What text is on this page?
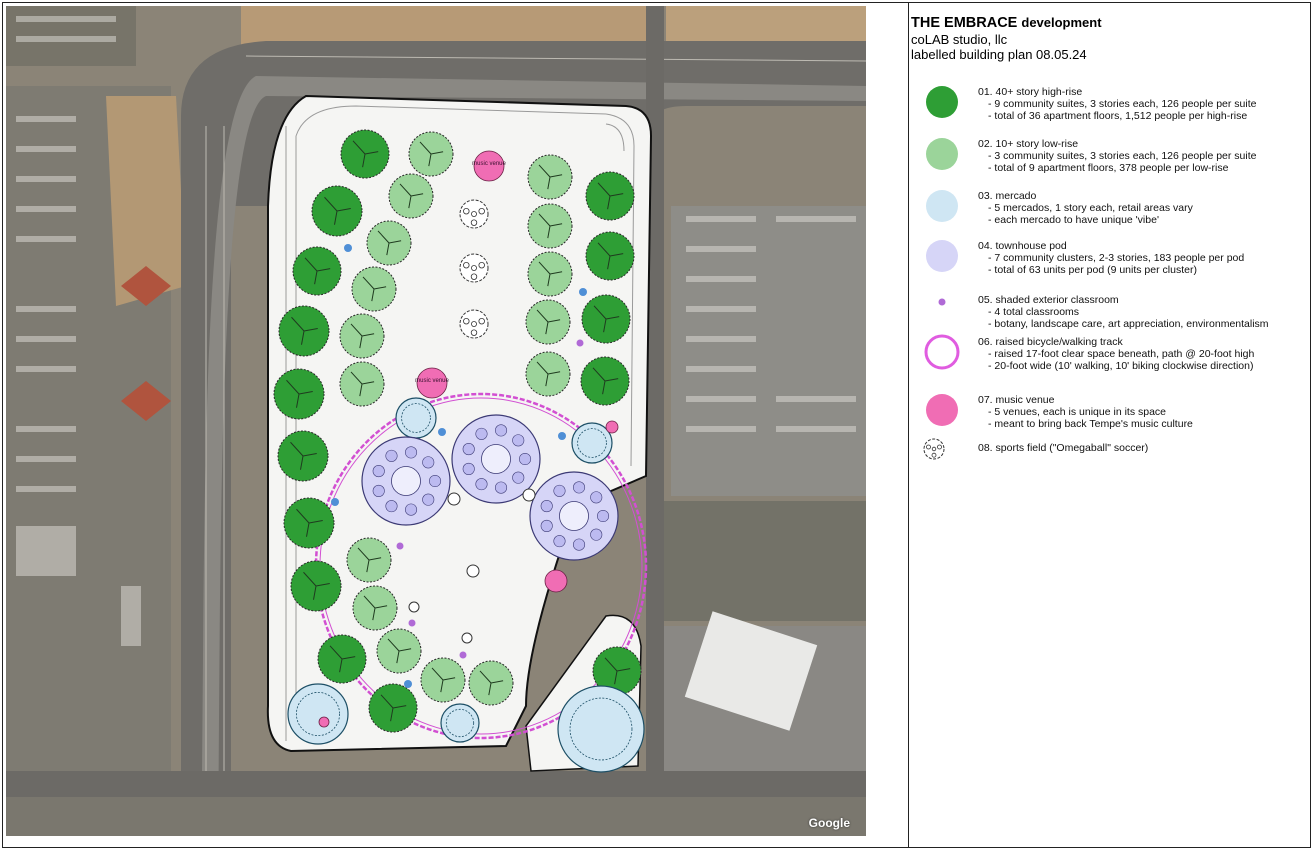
music venue
music venue
Google
THE EMBRACE development
coLAB studio, llc
labelled building plan 08.05.24
01. 40+ story high-rise
- 9 community suites, 3 stories each, 126 people per suite
- total of 36 apartment floors, 1,512 people per high-rise
02. 10+ story low-rise
- 3 community suites, 3 stories each, 126 people per suite
- total of 9 apartment floors, 378 people per low-rise
03. mercado
- 5 mercados, 1 story each, retail areas vary
- each mercado to have unique 'vibe'
04. townhouse pod
- 7 community clusters, 2-3 stories, 183 people per pod
- total of 63 units per pod (9 units per cluster)
05. shaded exterior classroom
- 4 total classrooms
- botany, landscape care, art appreciation, environmentalism
06. raised bicycle/walking track
- raised 17-foot clear space beneath, path @ 20-foot high
- 20-foot wide (10' walking, 10' biking clockwise direction)
07. music venue
- 5 venues, each is unique in its space
- meant to bring back Tempe's music culture
08. sports field ("Omegaball" soccer)
